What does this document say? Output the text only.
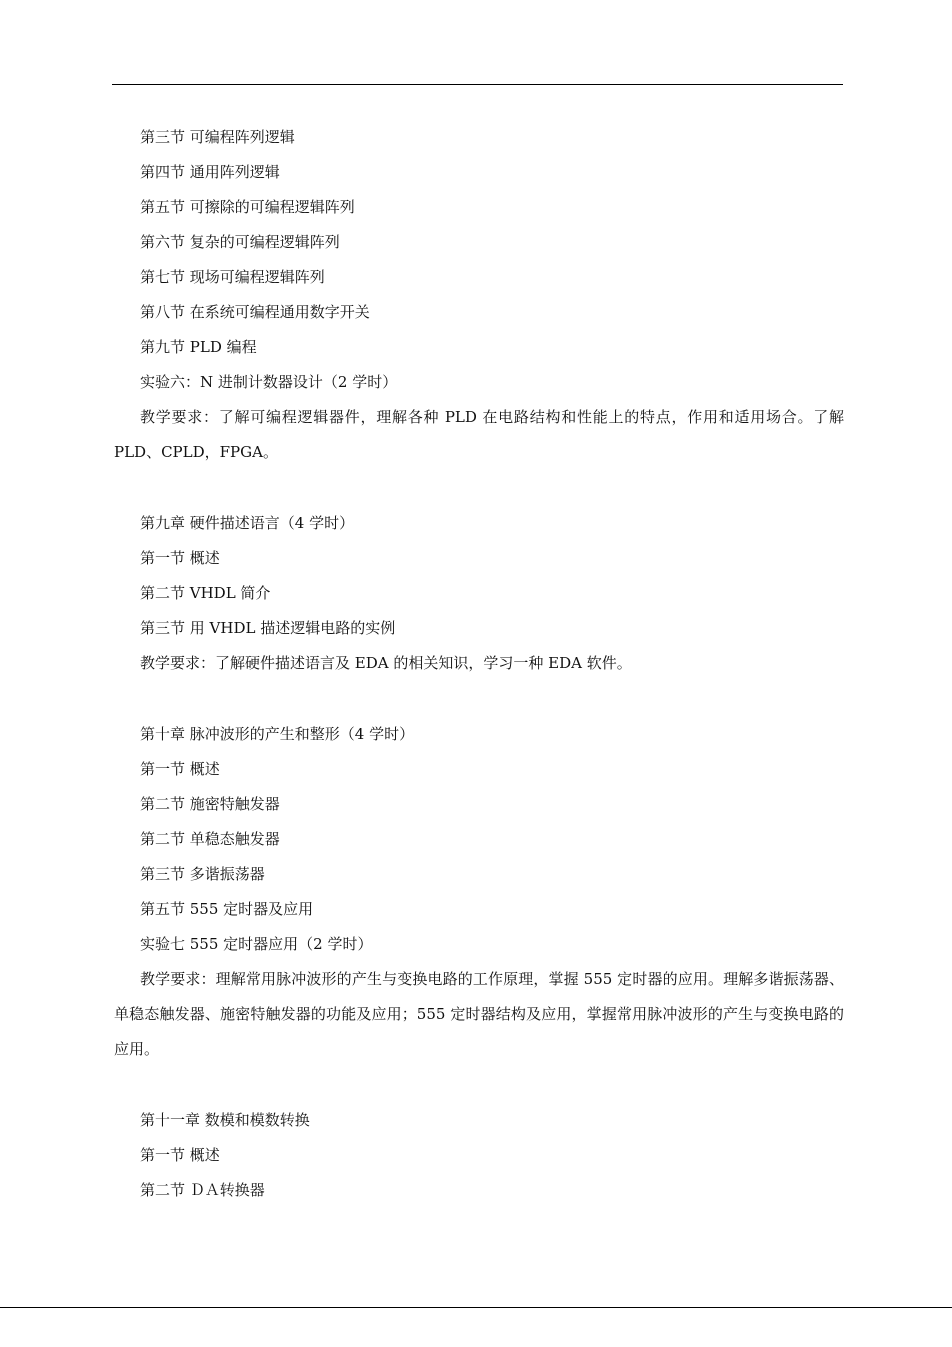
第三节 可编程阵列逻辑
第四节 通用阵列逻辑
第五节 可擦除的可编程逻辑阵列
第六节 复杂的可编程逻辑阵列
第七节 现场可编程逻辑阵列
第八节 在系统可编程通用数字开关
第九节 PLD 编程
实验六：N 进制计数器设计（2 学时）

教学要求：了解可编程逻辑器件，理解各种 PLD 在电路结构和性能上的特点，作用和适用场合。了解 PLD、CPLD，FPGA。

第九章 硬件描述语言（4 学时）
第一节 概述
第二节 VHDL 简介
第三节 用 VHDL 描述逻辑电路的实例
教学要求：了解硬件描述语言及 EDA 的相关知识，学习一种 EDA 软件。
第十章 脉冲波形的产生和整形（4 学时）
第一节 概述
第二节 施密特触发器
第二节 单稳态触发器
第三节 多谐振荡器
第五节 555 定时器及应用
实验七 555 定时器应用（2 学时）

教学要求：理解常用脉冲波形的产生与变换电路的工作原理，掌握 555 定时器的应用。理解多谐振荡器、单稳态触发器、施密特触发器的功能及应用；555 定时器结构及应用，掌握常用脉冲波形的产生与变换电路的应用。

第十一章 数模和模数转换
第一节 概述
第二节 ＤＡ转换器
